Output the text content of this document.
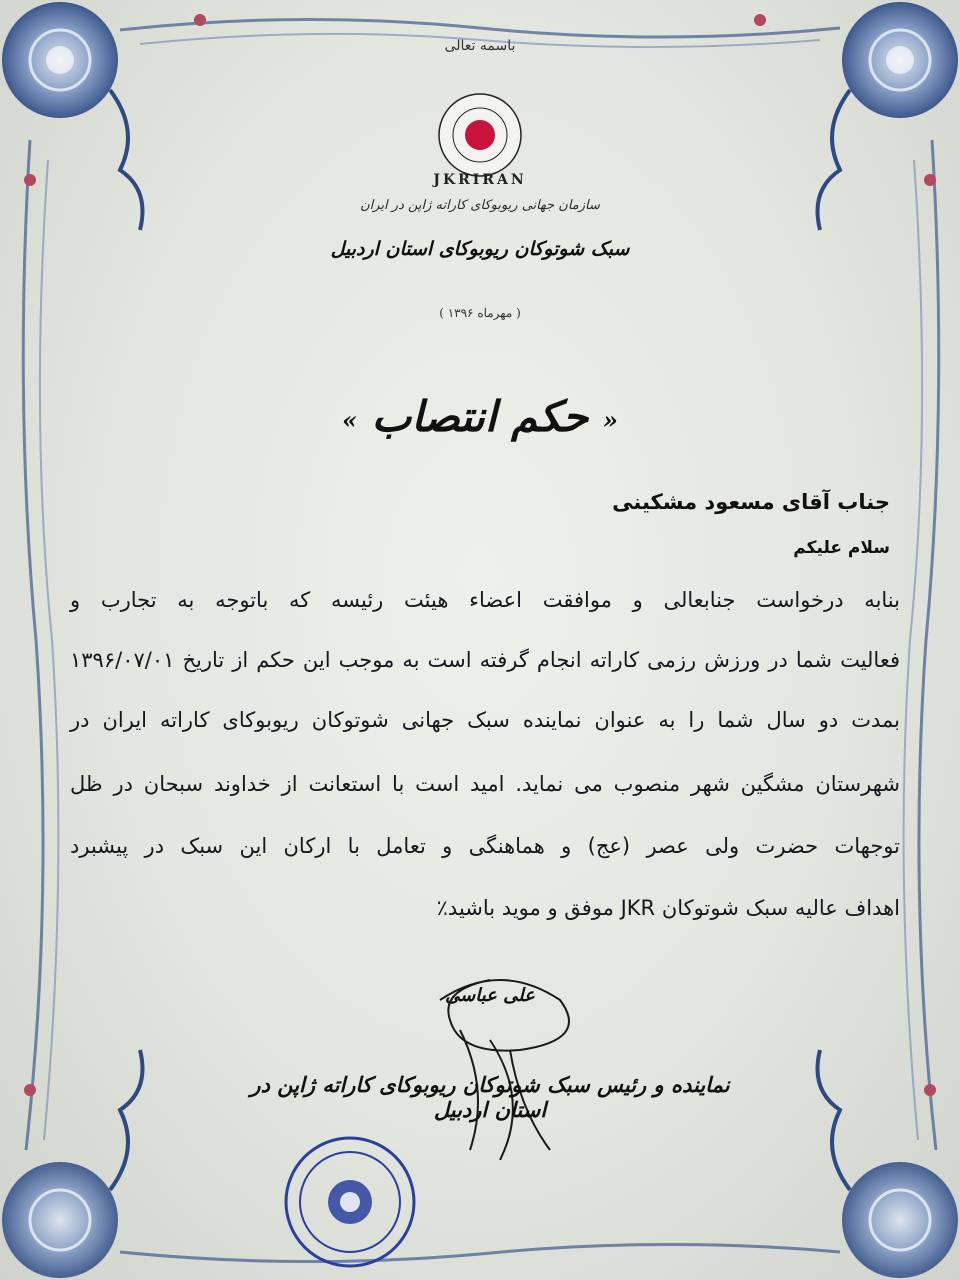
باسمه تعالی
JKRIRAN
سازمان جهانی ریوبوکای کاراته ژاپن در ایران
سبک شوتوکان ریوبوکای استان اردبیل
( مهرماه ۱۳۹۶ )
« حکم انتصاب »
جناب آقای مسعود مشکینی
سلام علیکم
بنابه درخواست جنابعالی و موافقت اعضاء هیئت رئیسه که باتوجه به تجارب و
فعالیت شما در ورزش رزمی کاراته انجام گرفته است به موجب این حکم از تاریخ ۱۳۹۶/۰۷/۰۱
بمدت دو سال شما را به عنوان نماینده سبک جهانی شوتوکان ریوبوکای کاراته ایران در
شهرستان مشگین شهر منصوب می نماید. امید است با استعانت از خداوند سبحان در ظل
توجهات حضرت ولی عصر (عج) و هماهنگی و تعامل با ارکان این سبک در پیشبرد
اهداف عالیه سبک شوتوکان JKR موفق و موید باشید٪
علی عباسی
نماینده و رئیس سبک شوتوکان ریوبوکای کاراته ژاپن در استان اردبیل
